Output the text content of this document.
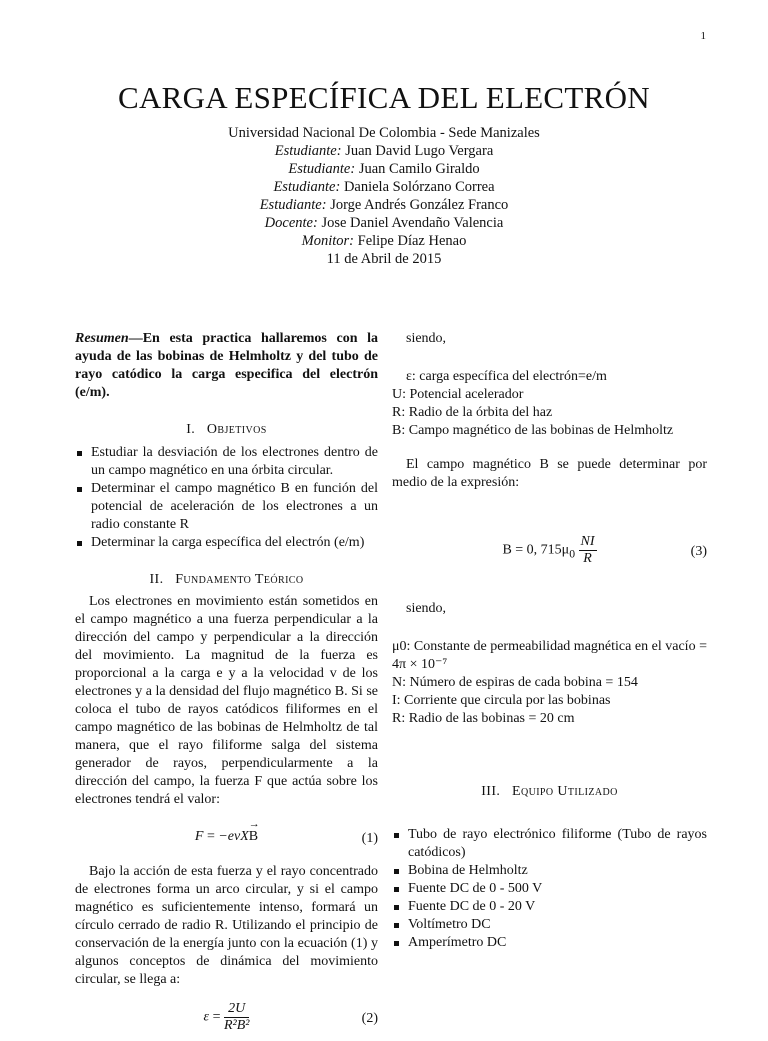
1
CARGA ESPECÍFICA DEL ELECTRÓN
Universidad Nacional De Colombia - Sede Manizales
Estudiante: Juan David Lugo Vergara
Estudiante: Juan Camilo Giraldo
Estudiante: Daniela Solórzano Correa
Estudiante: Jorge Andrés González Franco
Docente: Jose Daniel Avendaño Valencia
Monitor: Felipe Díaz Henao
11 de Abril de 2015

Resumen—En esta practica hallaremos con la ayuda de las bobinas de Helmholtz y del tubo de rayo catódico la carga especifica del electrón (e/m).

I. Objetivos
Estudiar la desviación de los electrones dentro de un campo magnético en una órbita circular.
Determinar el campo magnético B en función del potencial de aceleración de los electrones a un radio constante R
Determinar la carga específica del electrón (e/m)
II. Fundamento Teórico

Los electrones en movimiento están sometidos en el campo magnético a una fuerza perpendicular a la dirección del campo y perpendicular a la dirección del movimiento. La magnitud de la fuerza es proporcional a la carga e y a la velocidad v de los electrones y a la densidad del flujo magnético B. Si se coloca el tubo de rayos catódicos filiformes en el campo magnético de las bobinas de Helmholtz de tal manera, que el rayo filiforme salga del sistema generador de rayos, perpendicularmente a la dirección del campo, la fuerza F que actúa sobre los electrones tendrá el valor:

F = −evX→ B	(1)

Bajo la acción de esta fuerza y el rayo concentrado de electrones forma un arco circular, y si el campo magnético es suficientemente intenso, formará un círculo cerrado de radio R. Utilizando el principio de conservación de la energía junto con la ecuación (1) y algunos conceptos de dinámica del movimiento circular, se llega a:

$\varepsilon = \frac{2U}{\text{R²B²}}$	(2)

siendo,

ε: carga específica del electrón=e/m

U: Potencial acelerador

R: Radio de la órbita del haz

B: Campo magnético de las bobinas de Helmholtz

El campo magnético B se puede determinar por medio de la expresión:

B = 0, $715\mu_0 \frac{NI}{R}$	(3)

siendo,

μ0: Constante de permeabilidad magnética en el vacío = 4π × 10⁻⁷

N: Número de espiras de cada bobina = 154

I: Corriente que circula por las bobinas

R: Radio de las bobinas = 20 cm

III. Equipo Utilizado
Tubo de rayo electrónico filiforme (Tubo de rayos catódicos)
Bobina de Helmholtz
Fuente DC de 0 - 500 V
Fuente DC de 0 - 20 V
Voltímetro DC
Amperímetro DC
